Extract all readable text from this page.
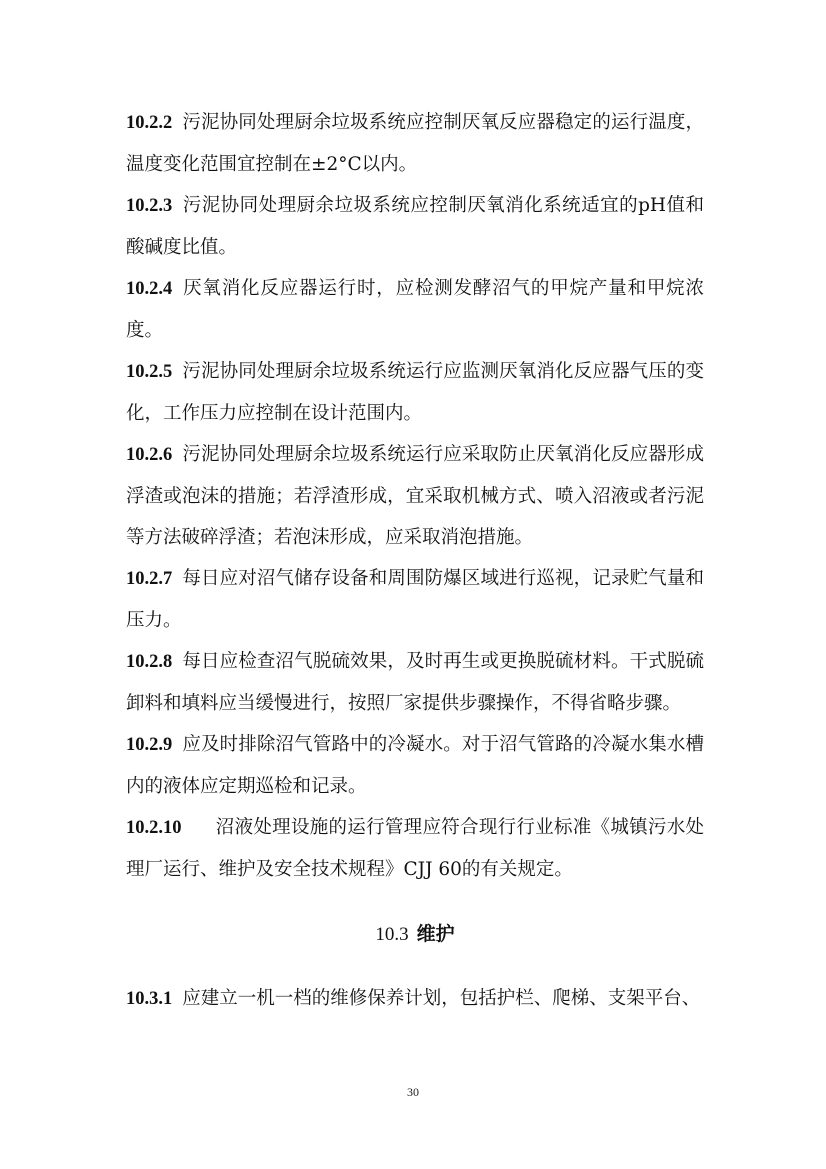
10.2.2 污泥协同处理厨余垃圾系统应控制厌氧反应器稳定的运行温度，温度变化范围宜控制在±2°C以内。

10.2.3 污泥协同处理厨余垃圾系统应控制厌氧消化系统适宜的pH值和酸碱度比值。

10.2.4 厌氧消化反应器运行时，应检测发酵沼气的甲烷产量和甲烷浓度。

10.2.5 污泥协同处理厨余垃圾系统运行应监测厌氧消化反应器气压的变化，工作压力应控制在设计范围内。

10.2.6 污泥协同处理厨余垃圾系统运行应采取防止厌氧消化反应器形成浮渣或泡沫的措施；若浮渣形成，宜采取机械方式、喷入沼液或者污泥等方法破碎浮渣；若泡沫形成，应采取消泡措施。

10.2.7 每日应对沼气储存设备和周围防爆区域进行巡视，记录贮气量和压力。

10.2.8 每日应检查沼气脱硫效果，及时再生或更换脱硫材料。干式脱硫卸料和填料应当缓慢进行，按照厂家提供步骤操作，不得省略步骤。

10.2.9 应及时排除沼气管路中的冷凝水。对于沼气管路的冷凝水集水槽内的液体应定期巡检和记录。

10.2.10 沼液处理设施的运行管理应符合现行行业标准《城镇污水处理厂运行、维护及安全技术规程》CJJ 60的有关规定。

10.3 维护

10.3.1 应建立一机一档的维修保养计划，包括护栏、爬梯、支架平台、

30
